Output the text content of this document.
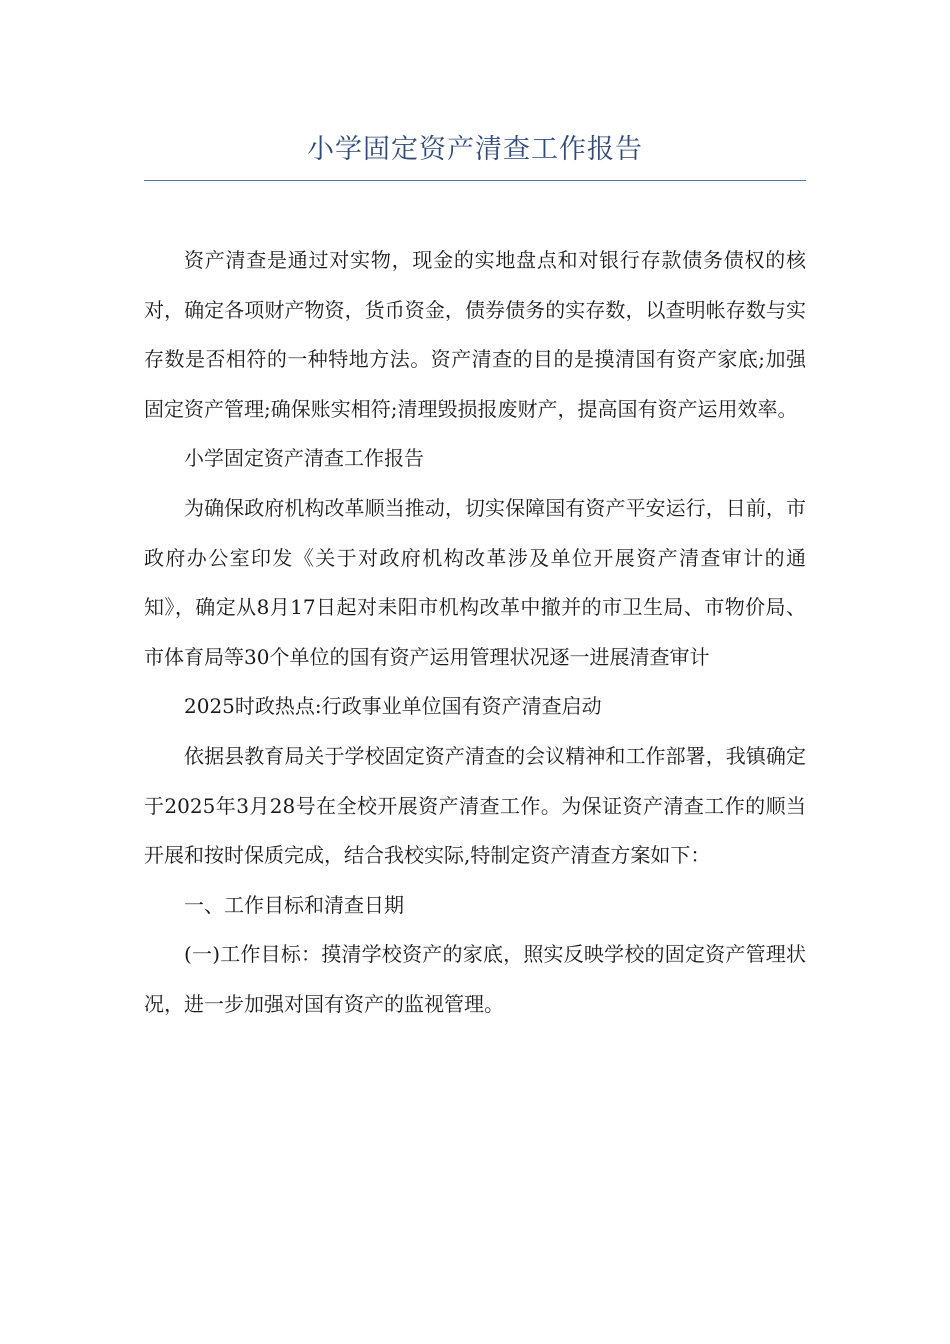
小学固定资产清查工作报告

资产清查是通过对实物，现金的实地盘点和对银行存款债务债权的核对，确定各项财产物资，货币资金，债券债务的实存数，以查明帐存数与实存数是否相符的一种特地方法。资产清查的目的是摸清国有资产家底;加强固定资产管理;确保账实相符;清理毁损报废财产，提高国有资产运用效率。

小学固定资产清查工作报告

为确保政府机构改革顺当推动，切实保障国有资产平安运行，日前，市政府办公室印发《关于对政府机构改革涉及单位开展资产清查审计的通知》，确定从8月17日起对耒阳市机构改革中撤并的市卫生局、市物价局、市体育局等30个单位的国有资产运用管理状况逐一进展清查审计

2025时政热点:行政事业单位国有资产清查启动

依据县教育局关于学校固定资产清查的会议精神和工作部署，我镇确定于2025年3月28号在全校开展资产清查工作。为保证资产清查工作的顺当开展和按时保质完成，结合我校实际,特制定资产清查方案如下：

一、工作目标和清查日期

(一)工作目标：摸清学校资产的家底，照实反映学校的固定资产管理状况，进一步加强对国有资产的监视管理。
